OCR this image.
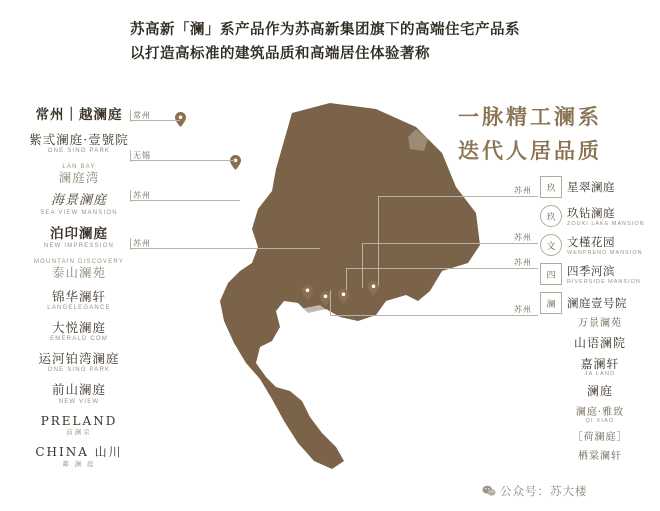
苏高新「澜」系产品作为苏高新集团旗下的高端住宅产品系
以打造高标准的建筑品质和高端居住体验著称
一脉精工澜系
迭代人居品质
常州
无锡
苏州
苏州
苏州
苏州
苏州
苏州
常州｜越澜庭
紫弎澜庭·壹號院
ONE SING PARK
LAN BAY
澜庭湾
海景澜庭
SEA VIEW MANSION
泊印澜庭
NEW IMPRESSION
MOUNTAIN DISCOVERY
泰山澜苑
锦华澜轩
LANGELEGANCE
大悦澜庭
EMERALD COM
运河铂湾澜庭
ONE SING PARK
前山澜庭
NEW VIEW
PRELAND
前澜京
CHINA 山川
鄰 澜 庭
玖	星翠澜庭
玖	玖钻澜庭
ZOUKI LAKE MANSION
文	文槿花园
WENPRENO MANSION
四	四季河滨
RIVERSIDE MANSION
澜	澜庭壹号院
万景澜苑
山语澜院
嘉澜轩
JA LAND
澜庭
澜庭·雅致
QI XIAO
［荷澜庭］
栖棠澜轩
公众号：苏大楼
